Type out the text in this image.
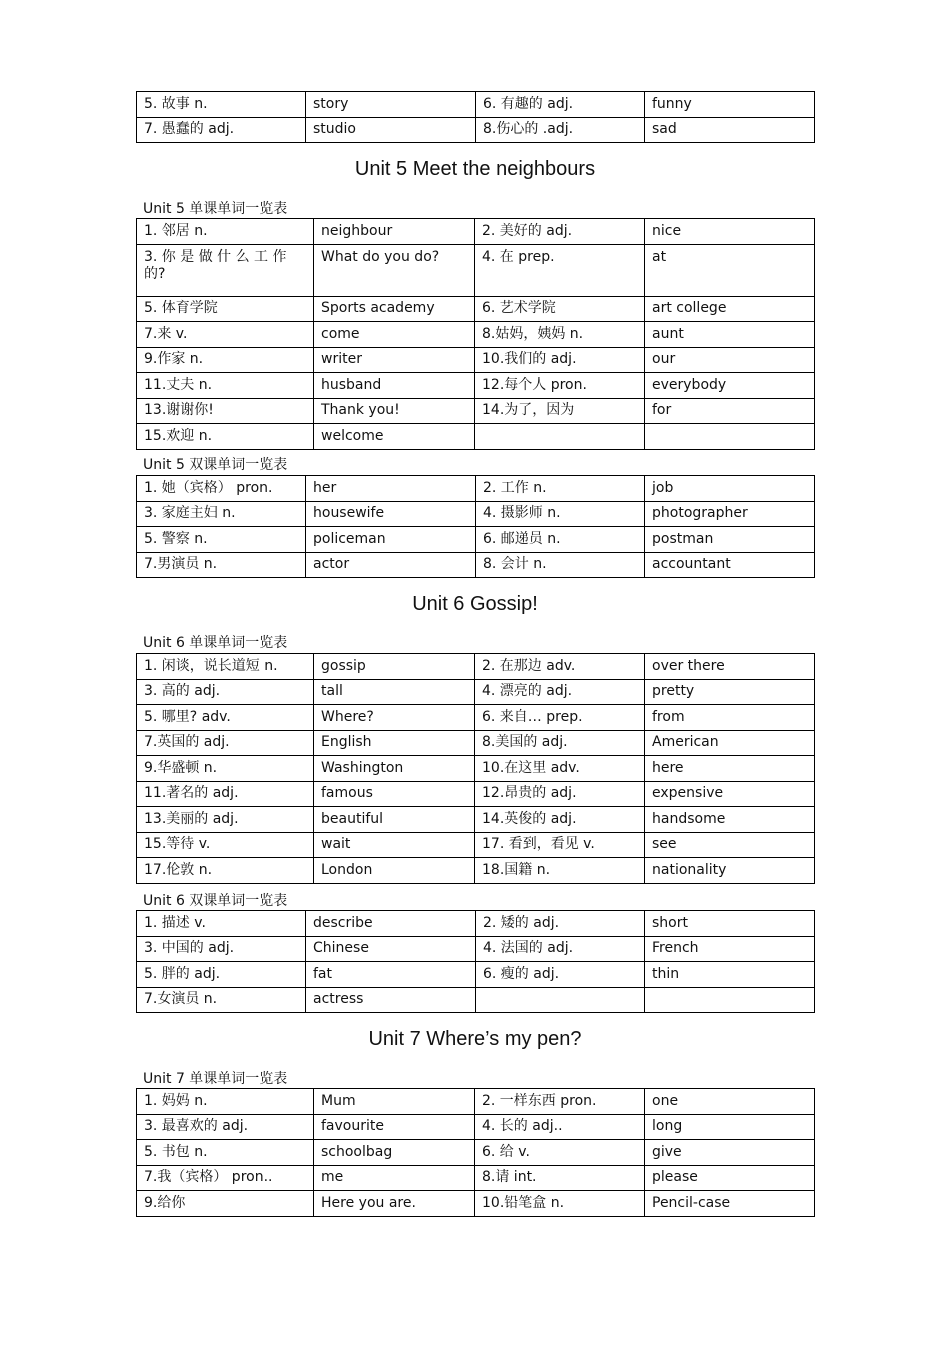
5. 故事 n.	story	6. 有趣的 adj.	funny
7. 愚蠢的 adj.	studio	8.伤心的 .adj.	sad
Unit 5 Meet the neighbours
Unit 5 单课单词一览表
1. 邻居 n.	neighbour	2. 美好的 adj.	nice
3. 你 是 做 什 么 工 作 的?	What do you do?	4. 在 prep.	at
5. 体育学院	Sports academy	6. 艺术学院	art college
7.来 v.	come	8.姑妈，姨妈 n.	aunt
9.作家 n.	writer	10.我们的 adj.	our
11.丈夫 n.	husband	12.每个人 pron.	everybody
13.谢谢你!	Thank you!	14.为了，因为	for
15.欢迎 n.	welcome		
Unit 5 双课单词一览表
1. 她（宾格） pron.	her	2. 工作 n.	job
3. 家庭主妇 n.	housewife	4. 摄影师 n.	photographer
5. 警察 n.	policeman	6. 邮递员 n.	postman
7.男演员 n.	actor	8. 会计 n.	accountant
Unit 6 Gossip!
Unit 6 单课单词一览表
1. 闲谈，说长道短 n.	gossip	2. 在那边 adv.	over there
3. 高的 adj.	tall	4. 漂亮的 adj.	pretty
5. 哪里? adv.	Where?	6. 来自… prep.	from
7.英国的 adj.	English	8.美国的 adj.	American
9.华盛顿 n.	Washington	10.在这里 adv.	here
11.著名的 adj.	famous	12.昂贵的 adj.	expensive
13.美丽的 adj.	beautiful	14.英俊的 adj.	handsome
15.等待 v.	wait	17. 看到，看见 v.	see
17.伦敦 n.	London	18.国籍 n.	nationality
Unit 6 双课单词一览表
1. 描述 v.	describe	2. 矮的 adj.	short
3. 中国的 adj.	Chinese	4. 法国的 adj.	French
5. 胖的 adj.	fat	6. 瘦的 adj.	thin
7.女演员 n.	actress		
Unit 7 Where’s my pen?
Unit 7 单课单词一览表
1. 妈妈 n.	Mum	2. 一样东西 pron.	one
3. 最喜欢的 adj.	favourite	4. 长的 adj..	long
5. 书包 n.	schoolbag	6. 给 v.	give
7.我（宾格） pron..	me	8.请 int.	please
9.给你	Here you are.	10.铅笔盒 n.	Pencil-case
